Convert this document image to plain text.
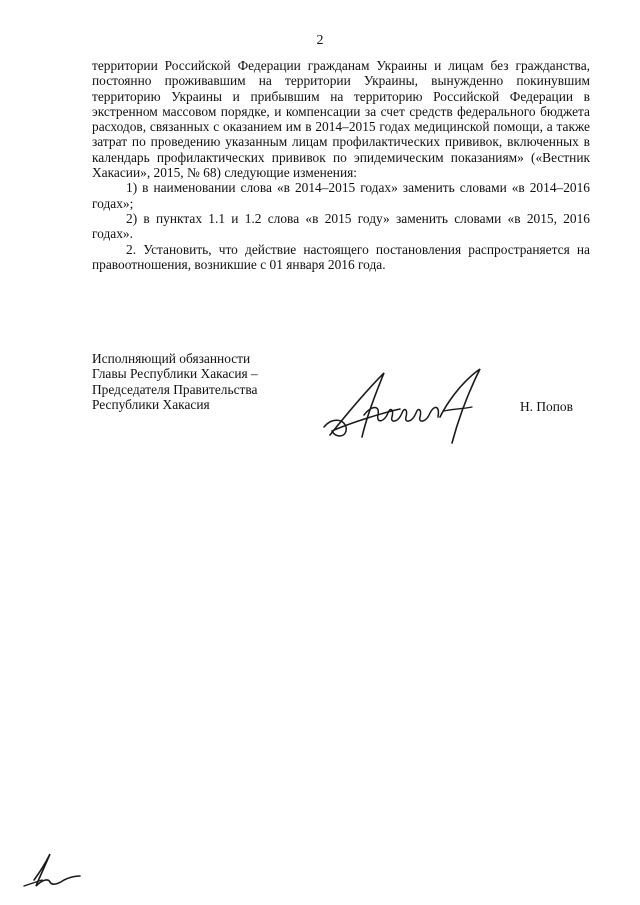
2

территории Российской Федерации гражданам Украины и лицам без гражданства, постоянно проживавшим на территории Украины, вынужденно покинувшим территорию Украины и прибывшим на территорию Российской Федерации в экстренном массовом порядке, и компенсации за счет средств федерального бюджета расходов, связанных с оказанием им в 2014–2015 годах медицинской помощи, а также затрат по проведению указанным лицам профилактических прививок, включенных в календарь профилактических прививок по эпидемическим показаниям» («Вестник Хакасии», 2015, № 68) следующие изменения:

1) в наименовании слова «в 2014–2015 годах» заменить словами «в 2014–2016 годах»;

2) в пунктах 1.1 и 1.2 слова «в 2015 году» заменить словами «в 2015, 2016 годах».

2. Установить, что действие настоящего постановления распространяется на правоотношения, возникшие с 01 января 2016 года.

Исполняющий обязанности
Главы Республики Хакасия –
Председателя Правительства
Республики Хакасия	Н. Попов
